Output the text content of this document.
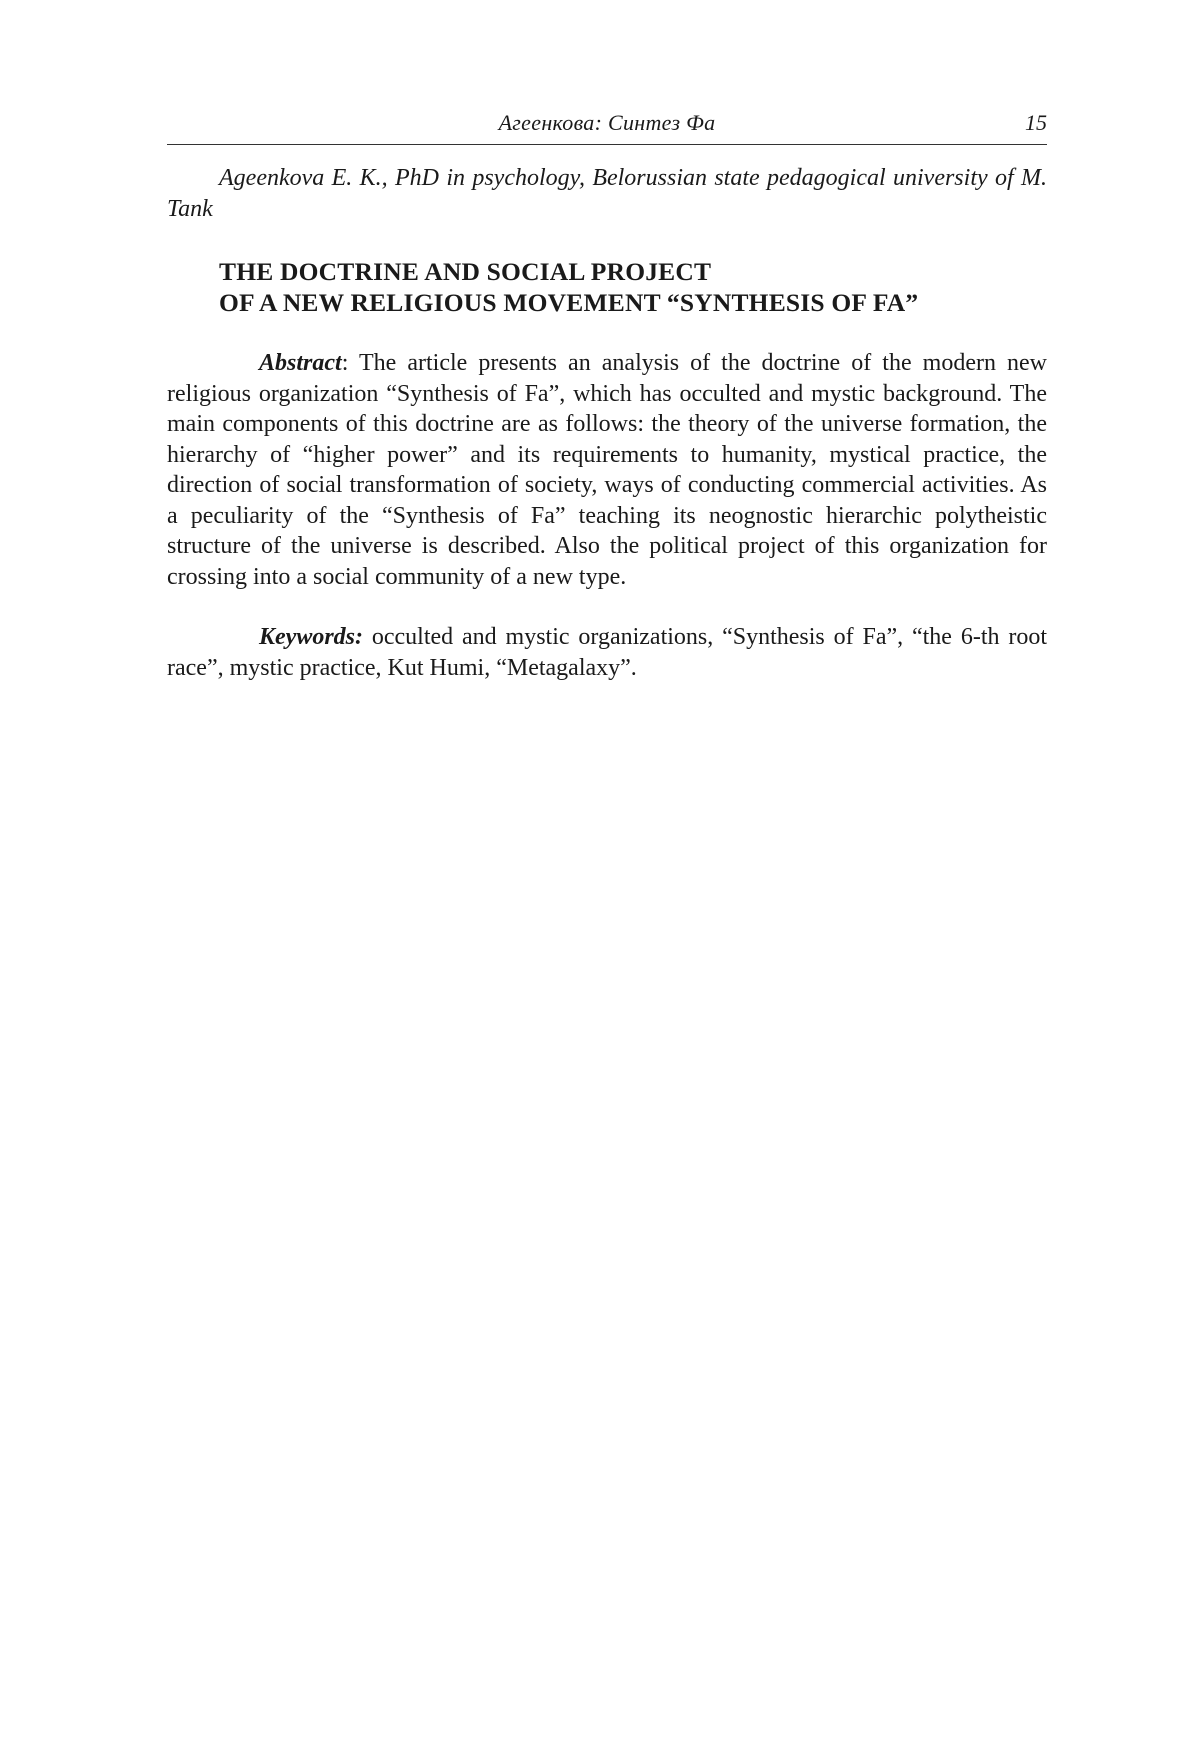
Агеенкова: Синтез Фа	15

Ageenkova E. K., PhD in psychology, Belorussian state pedagogical university of M. Tank

THE DOCTRINE AND SOCIAL PROJECT
OF A NEW RELIGIOUS MOVEMENT “SYNTHESIS OF FA”

Abstract: The article presents an analysis of the doctrine of the modern new religious organization “Synthesis of Fa”, which has occulted and mystic background. The main components of this doctrine are as follows: the theory of the universe formation, the hierarchy of “higher power” and its requirements to humanity, mystical practice, the direction of social transformation of society, ways of conducting commercial activities. As a peculiarity of the “Synthesis of Fa” teaching its neognostic hierarchic polytheistic structure of the universe is described. Also the political project of this organization for crossing into a social community of a new type.

Keywords: occulted and mystic organizations, “Synthesis of Fa”, “the 6-th root race”, mystic practice, Kut Humi, “Metagalaxy”.
